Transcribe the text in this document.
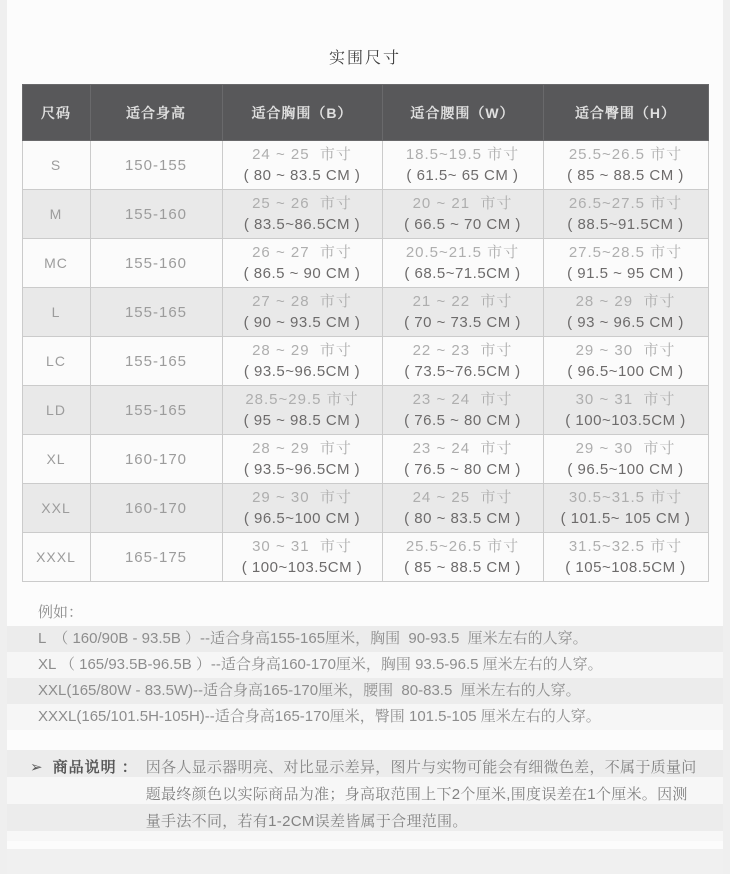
实围尺寸
尺码	适合身高	适合胸围（B）	适合腰围（W）	适合臀围（H）
S	150-155	
24 ~ 25  市寸
( 80 ~ 83.5 CM )

18.5~19.5 市寸
( 61.5~ 65 CM )

25.5~26.5 市寸
( 85 ~ 88.5 CM )

M	155-160	
25 ~ 26  市寸
( 83.5~86.5CM )

20 ~ 21  市寸
( 66.5 ~ 70 CM )

26.5~27.5 市寸
( 88.5~91.5CM )

MC	155-160	
26 ~ 27  市寸
( 86.5 ~ 90 CM )

20.5~21.5 市寸
( 68.5~71.5CM )

27.5~28.5 市寸
( 91.5 ~ 95 CM )

L	155-165	
27 ~ 28  市寸
( 90 ~ 93.5 CM )

21 ~ 22  市寸
( 70 ~ 73.5 CM )

28 ~ 29  市寸
( 93 ~ 96.5 CM )

LC	155-165	
28 ~ 29  市寸
( 93.5~96.5CM )

22 ~ 23  市寸
( 73.5~76.5CM )

29 ~ 30  市寸
( 96.5~100 CM )

LD	155-165	
28.5~29.5 市寸
( 95 ~ 98.5 CM )

23 ~ 24  市寸
( 76.5 ~ 80 CM )

30 ~ 31  市寸
( 100~103.5CM )

XL	160-170	
28 ~ 29  市寸
( 93.5~96.5CM )

23 ~ 24  市寸
( 76.5 ~ 80 CM )

29 ~ 30  市寸
( 96.5~100 CM )

XXL	160-170	
29 ~ 30  市寸
( 96.5~100 CM )

24 ~ 25  市寸
( 80 ~ 83.5 CM )

30.5~31.5 市寸
( 101.5~ 105 CM )

XXXL	165-175	
30 ~ 31  市寸
( 100~103.5CM )

25.5~26.5 市寸
( 85 ~ 88.5 CM )

31.5~32.5 市寸
( 105~108.5CM )
例如：
L　（ 160/90B - 93.5B ）--适合身高155-165厘米，胸围  90-93.5  厘米左右的人穿。
XL （ 165/93.5B-96.5B ）--适合身高160-170厘米，胸围 93.5-96.5 厘米左右的人穿。
XXL(165/80W - 83.5W)--适合身高165-170厘米，腰围  80-83.5  厘米左右的人穿。
XXXL(165/101.5H-105H)--适合身高165-170厘米，臀围 101.5-105 厘米左右的人穿。
➢ 商品说明 ： 因各人显示器明亮、对比显示差异，图片与实物可能会有细微色差，不属于质量问题最终颜色以实际商品为准；身高取范围上下2个厘米,围度误差在1个厘米。因测量手法不同，若有1-2CM误差皆属于合理范围。
